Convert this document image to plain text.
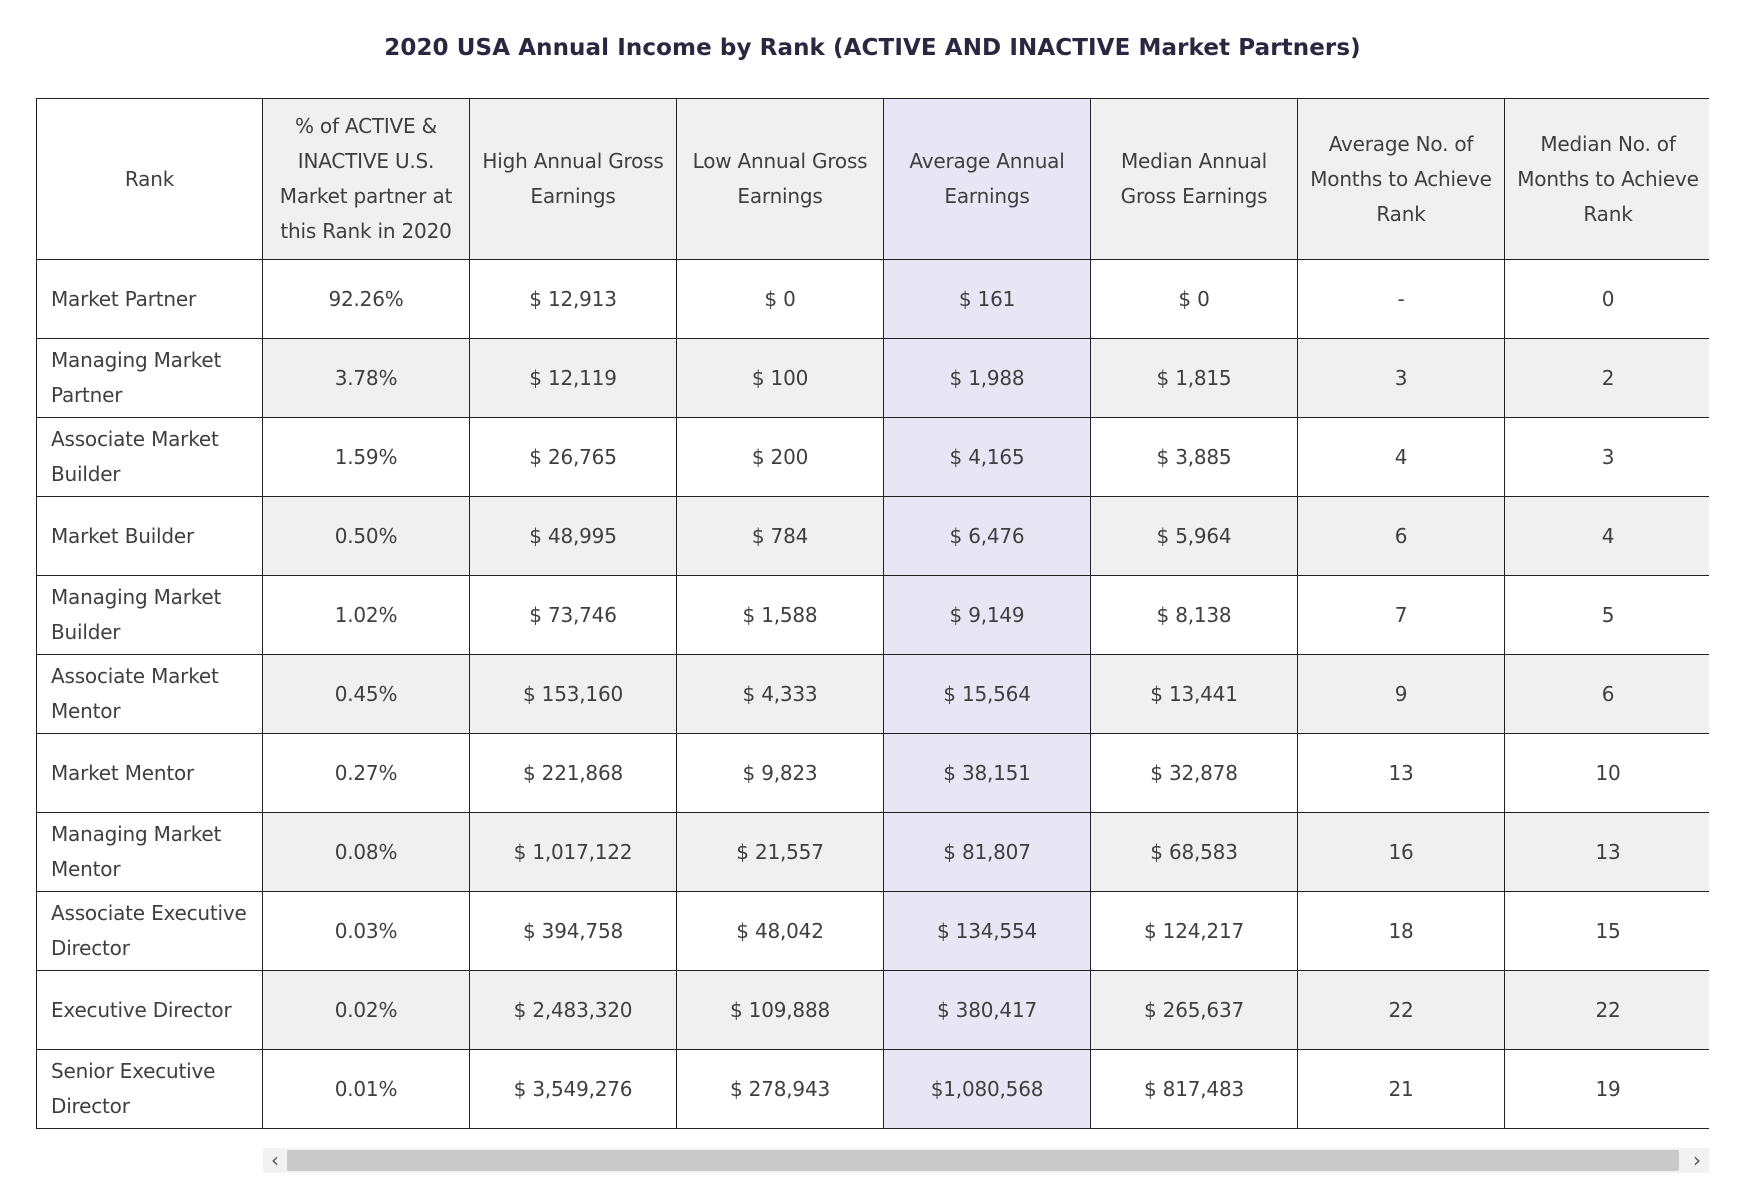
2020 USA Annual Income by Rank (ACTIVE AND INACTIVE Market Partners)
Rank	% of ACTIVE & INACTIVE U.S. Market partner at this Rank in 2020	High Annual Gross Earnings	Low Annual Gross Earnings	Average Annual Earnings	Median Annual Gross Earnings	Average No. of Months to Achieve Rank	Median No. of Months to Achieve Rank
Market Partner	92.26%	$ 12,913	$ 0	$ 161	$ 0	-	0
Managing Market Partner	3.78%	$ 12,119	$ 100	$ 1,988	$ 1,815	3	2
Associate Market Builder	1.59%	$ 26,765	$ 200	$ 4,165	$ 3,885	4	3
Market Builder	0.50%	$ 48,995	$ 784	$ 6,476	$ 5,964	6	4
Managing Market Builder	1.02%	$ 73,746	$ 1,588	$ 9,149	$ 8,138	7	5
Associate Market Mentor	0.45%	$ 153,160	$ 4,333	$ 15,564	$ 13,441	9	6
Market Mentor	0.27%	$ 221,868	$ 9,823	$ 38,151	$ 32,878	13	10
Managing Market Mentor	0.08%	$ 1,017,122	$ 21,557	$ 81,807	$ 68,583	16	13
Associate Executive Director	0.03%	$ 394,758	$ 48,042	$ 134,554	$ 124,217	18	15
Executive Director	0.02%	$ 2,483,320	$ 109,888	$ 380,417	$ 265,637	22	22
Senior Executive Director	0.01%	$ 3,549,276	$ 278,943	$1,080,568	$ 817,483	21	19
‹	›
